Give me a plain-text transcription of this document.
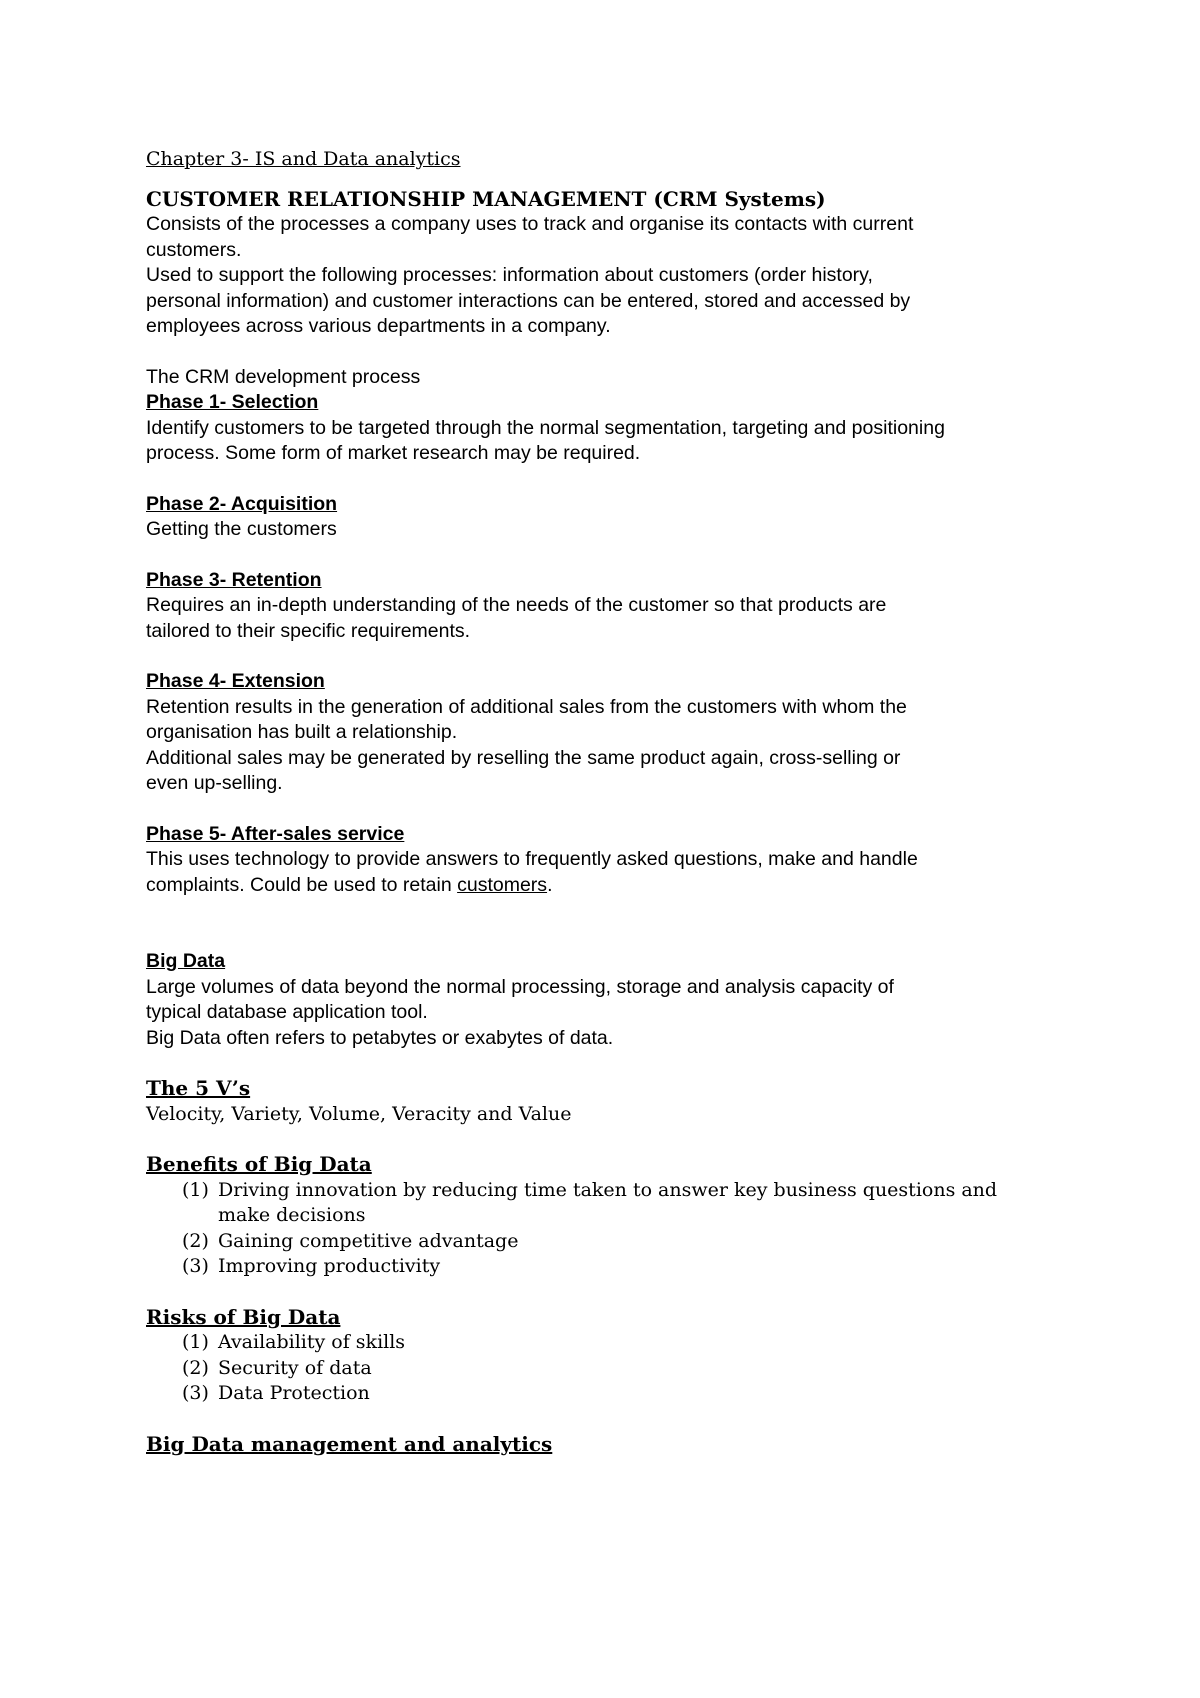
Chapter 3- IS and Data analytics

CUSTOMER RELATIONSHIP MANAGEMENT (CRM Systems)

Consists of the processes a company uses to track and organise its contacts with current

customers.

Used to support the following processes: information about customers (order history,

personal information) and customer interactions can be entered, stored and accessed by

employees across various departments in a company.

The CRM development process

Phase 1- Selection

Identify customers to be targeted through the normal segmentation, targeting and positioning

process. Some form of market research may be required.

Phase 2- Acquisition

Getting the customers

Phase 3- Retention

Requires an in-depth understanding of the needs of the customer so that products are

tailored to their specific requirements.

Phase 4- Extension

Retention results in the generation of additional sales from the customers with whom the

organisation has built a relationship.

Additional sales may be generated by reselling the same product again, cross-selling or

even up-selling.

Phase 5- After-sales service

This uses technology to provide answers to frequently asked questions, make and handle

complaints. Could be used to retain customers.

Big Data

Large volumes of data beyond the normal processing, storage and analysis capacity of

typical database application tool.

Big Data often refers to petabytes or exabytes of data.

The 5 V’s

Velocity, Variety, Volume, Veracity and Value

Benefits of Big Data

(1) Driving innovation by reducing time taken to answer key business questions and make decisions
(2) Gaining competitive advantage
(3) Improving productivity

Risks of Big Data

(1) Availability of skills
(2) Security of data
(3) Data Protection

Big Data management and analytics
